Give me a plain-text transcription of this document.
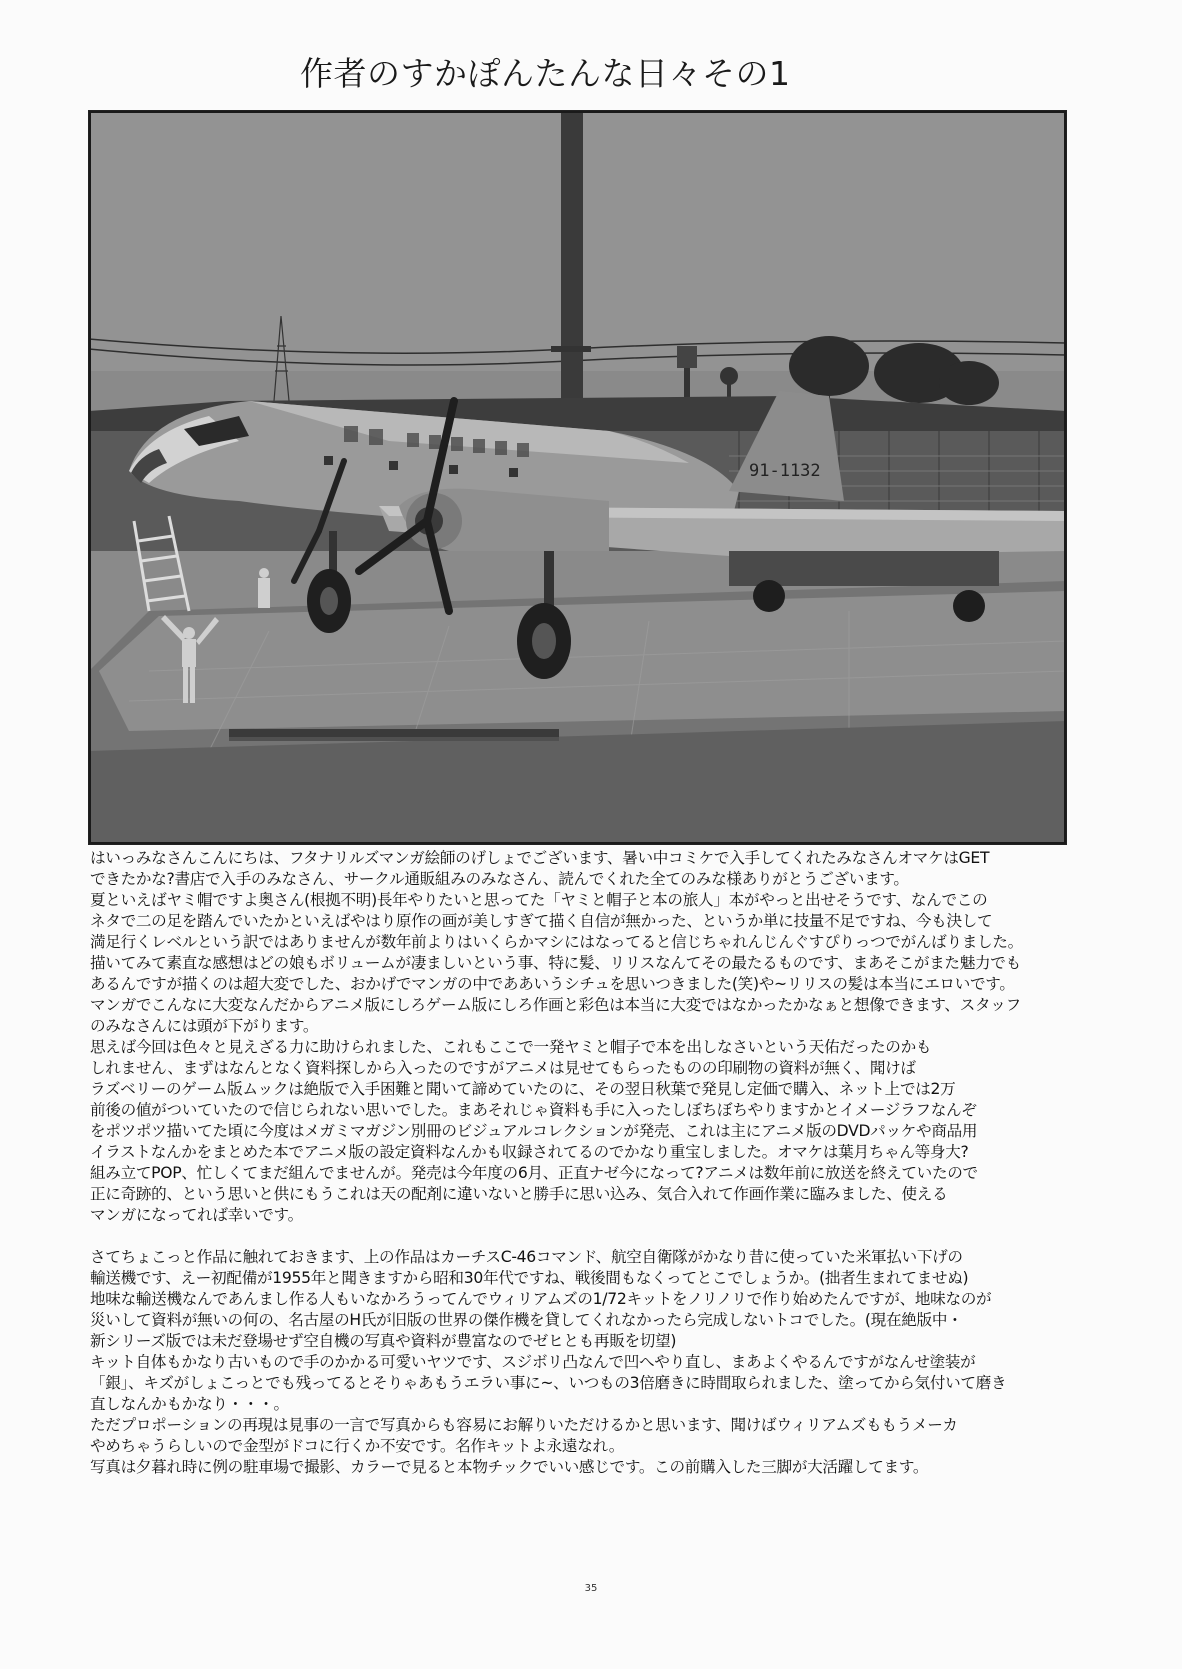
作者のすかぽんたんな日々その1
91-1132

はいっみなさんこんにちは、フタナリルズマンガ絵師のげしょでございます、暑い中コミケで入手してくれたみなさんオマケはGET

できたかな?書店で入手のみなさん、サークル通販組みのみなさん、読んでくれた全てのみな様ありがとうございます。

夏といえばヤミ帽ですよ奥さん(根拠不明)長年やりたいと思ってた「ヤミと帽子と本の旅人」本がやっと出せそうです、なんでこの

ネタで二の足を踏んでいたかといえばやはり原作の画が美しすぎて描く自信が無かった、というか単に技量不足ですね、今も決して

満足行くレベルという訳ではありませんが数年前よりはいくらかマシにはなってると信じちゃれんじんぐすぴりっつでがんばりました。

描いてみて素直な感想はどの娘もボリュームが凄ましいという事、特に髪、リリスなんてその最たるものです、まあそこがまた魅力でも

あるんですが描くのは超大変でした、おかげでマンガの中でああいうシチュを思いつきました(笑)や~リリスの髪は本当にエロいです。

マンガでこんなに大変なんだからアニメ版にしろゲーム版にしろ作画と彩色は本当に大変ではなかったかなぁと想像できます、スタッフ

のみなさんには頭が下がります。

思えば今回は色々と見えざる力に助けられました、これもここで一発ヤミと帽子で本を出しなさいという天佑だったのかも

しれません、まずはなんとなく資料探しから入ったのですがアニメは見せてもらったものの印刷物の資料が無く、聞けば

ラズベリーのゲーム版ムックは絶版で入手困難と聞いて諦めていたのに、その翌日秋葉で発見し定価で購入、ネット上では2万

前後の値がついていたので信じられない思いでした。まあそれじゃ資料も手に入ったしぼちぼちやりますかとイメージラフなんぞ

をポツポツ描いてた頃に今度はメガミマガジン別冊のビジュアルコレクションが発売、これは主にアニメ版のDVDパッケや商品用

イラストなんかをまとめた本でアニメ版の設定資料なんかも収録されてるのでかなり重宝しました。オマケは葉月ちゃん等身大?

組み立てPOP、忙しくてまだ組んでませんが。発売は今年度の6月、正直ナゼ今になって?アニメは数年前に放送を終えていたので

正に奇跡的、という思いと供にもうこれは天の配剤に違いないと勝手に思い込み、気合入れて作画作業に臨みました、使える

マンガになってれば幸いです。

さてちょこっと作品に触れておきます、上の作品はカーチスC-46コマンド、航空自衛隊がかなり昔に使っていた米軍払い下げの

輸送機です、えー初配備が1955年と聞きますから昭和30年代ですね、戦後間もなくってとこでしょうか。(拙者生まれてませぬ)

地味な輸送機なんであんまし作る人もいなかろうってんでウィリアムズの1/72キットをノリノリで作り始めたんですが、地味なのが

災いして資料が無いの何の、名古屋のH氏が旧版の世界の傑作機を貸してくれなかったら完成しないトコでした。(現在絶版中・

新シリーズ版では未だ登場せず空自機の写真や資料が豊富なのでゼヒとも再販を切望)

キット自体もかなり古いもので手のかかる可愛いヤツです、スジボリ凸なんで凹へやり直し、まあよくやるんですがなんせ塗装が

「銀」、キズがしょこっとでも残ってるとそりゃあもうエラい事に~、いつもの3倍磨きに時間取られました、塗ってから気付いて磨き

直しなんかもかなり・・・。

ただプロポーションの再現は見事の一言で写真からも容易にお解りいただけるかと思います、聞けばウィリアムズももうメーカ

やめちゃうらしいので金型がドコに行くか不安です。名作キットよ永遠なれ。

写真は夕暮れ時に例の駐車場で撮影、カラーで見ると本物チックでいい感じです。この前購入した三脚が大活躍してます。

35
